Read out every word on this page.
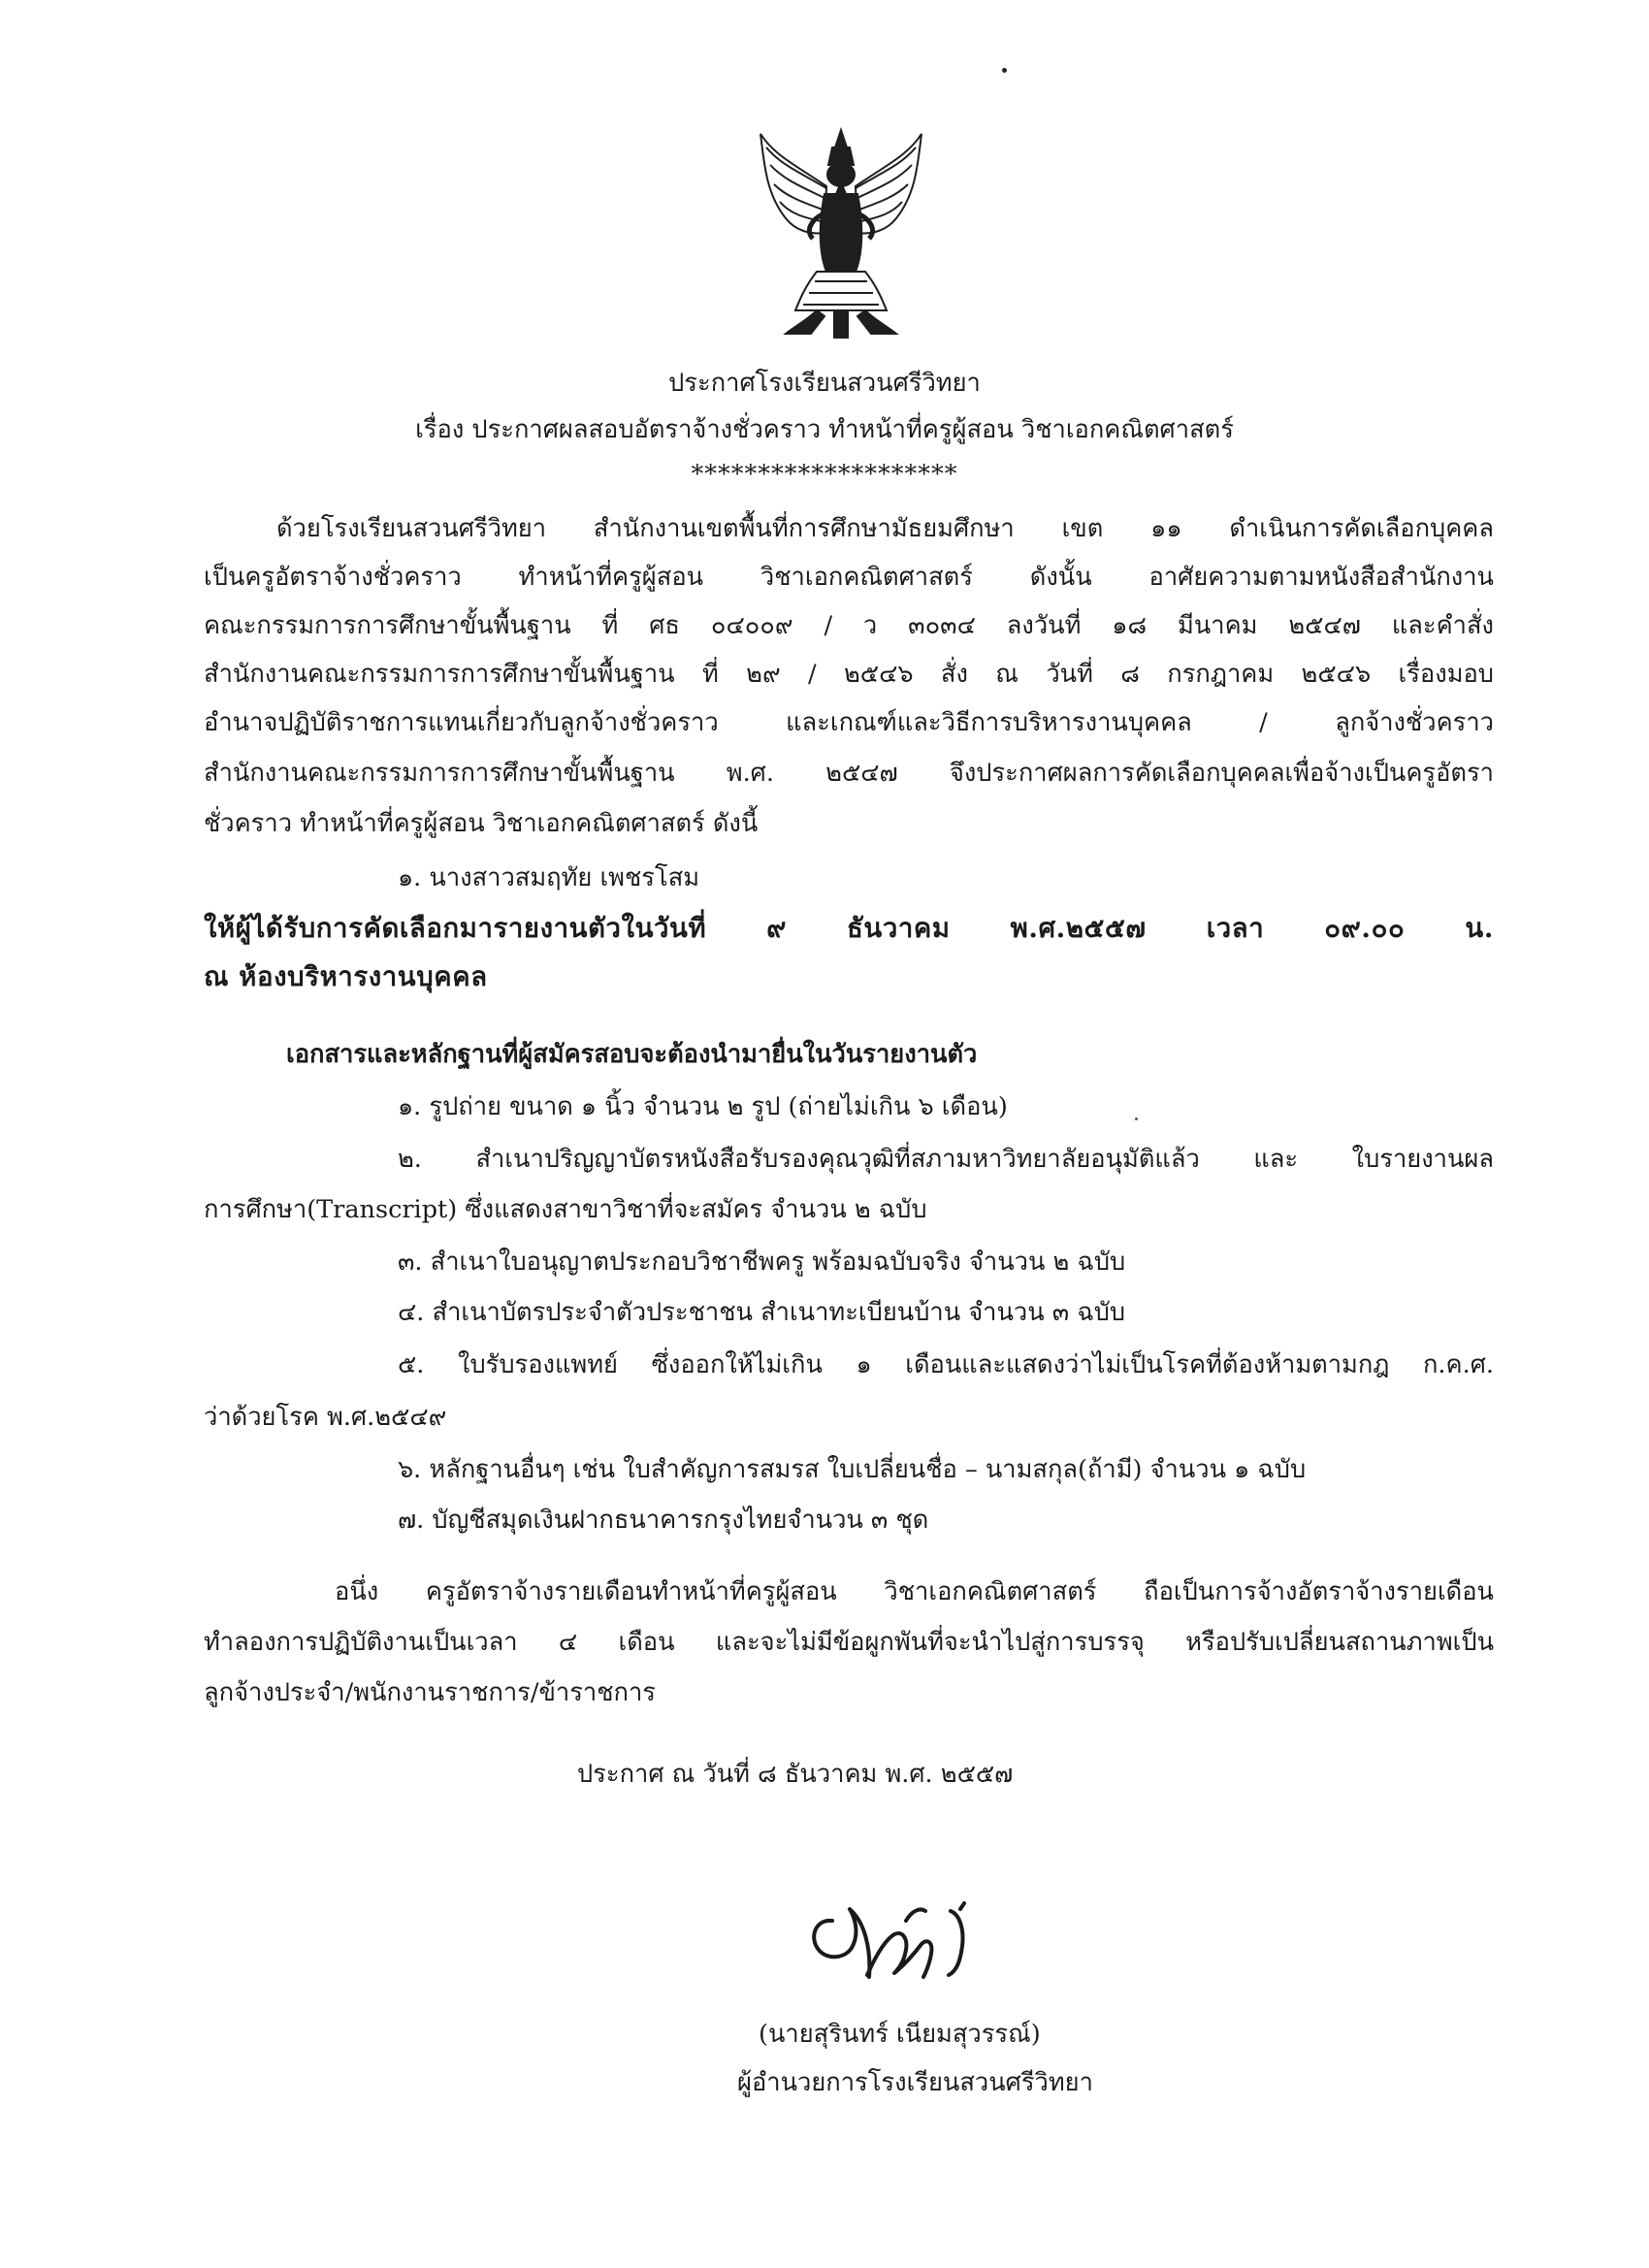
ประกาศโรงเรียนสวนศรีวิทยา
เรื่อง ประกาศผลสอบอัตราจ้างชั่วคราว ทำหน้าที่ครูผู้สอน วิชาเอกคณิตศาสตร์
********************
ด้วยโรงเรียนสวนศรีวิทยา สำนักงานเขตพื้นที่การศึกษามัธยมศึกษา เขต ๑๑ ดำเนินการคัดเลือกบุคคล
เป็นครูอัตราจ้างชั่วคราว ทำหน้าที่ครูผู้สอน วิชาเอกคณิตศาสตร์ ดังนั้น อาศัยความตามหนังสือสำนักงาน
คณะกรรมการการศึกษาขั้นพื้นฐาน ที่ ศธ ๐๔๐๐๙ / ว ๓๐๓๔ ลงวันที่ ๑๘ มีนาคม ๒๕๔๗ และคำสั่ง
สำนักงานคณะกรรมการการศึกษาขั้นพื้นฐาน ที่ ๒๙ / ๒๕๔๖ สั่ง ณ วันที่ ๘ กรกฎาคม ๒๕๔๖ เรื่องมอบ
อำนาจปฏิบัติราชการแทนเกี่ยวกับลูกจ้างชั่วคราว และเกณฑ์และวิธีการบริหารงานบุคคล / ลูกจ้างชั่วคราว
สำนักงานคณะกรรมการการศึกษาขั้นพื้นฐาน พ.ศ. ๒๕๔๗ จึงประกาศผลการคัดเลือกบุคคลเพื่อจ้างเป็นครูอัตรา
ชั่วคราว ทำหน้าที่ครูผู้สอน วิชาเอกคณิตศาสตร์ ดังนี้
๑. นางสาวสมฤทัย เพชรโสม
ให้ผู้ได้รับการคัดเลือกมารายงานตัวในวันที่ ๙ ธันวาคม พ.ศ.๒๕๕๗ เวลา ๐๙.๐๐ น.
ณ ห้องบริหารงานบุคคล
เอกสารและหลักฐานที่ผู้สมัครสอบจะต้องนำมายื่นในวันรายงานตัว
๑. รูปถ่าย ขนาด ๑ นิ้ว จำนวน ๒ รูป (ถ่ายไม่เกิน ๖ เดือน)
๒. สำเนาปริญญาบัตรหนังสือรับรองคุณวุฒิที่สภามหาวิทยาลัยอนุมัติแล้ว และ ใบรายงานผล
การศึกษา(Transcript) ซึ่งแสดงสาขาวิชาที่จะสมัคร จำนวน ๒ ฉบับ
๓. สำเนาใบอนุญาตประกอบวิชาชีพครู พร้อมฉบับจริง จำนวน ๒ ฉบับ
๔. สำเนาบัตรประจำตัวประชาชน สำเนาทะเบียนบ้าน จำนวน ๓ ฉบับ
๕. ใบรับรองแพทย์ ซึ่งออกให้ไม่เกิน ๑ เดือนและแสดงว่าไม่เป็นโรคที่ต้องห้ามตามกฎ ก.ค.ศ.
ว่าด้วยโรค พ.ศ.๒๕๔๙
๖. หลักฐานอื่นๆ เช่น ใบสำคัญการสมรส ใบเปลี่ยนชื่อ – นามสกุล(ถ้ามี) จำนวน ๑ ฉบับ
๗. บัญชีสมุดเงินฝากธนาคารกรุงไทยจำนวน ๓ ชุด
อนึ่ง ครูอัตราจ้างรายเดือนทำหน้าที่ครูผู้สอน วิชาเอกคณิตศาสตร์ ถือเป็นการจ้างอัตราจ้างรายเดือน
ทำลองการปฏิบัติงานเป็นเวลา ๔ เดือน และจะไม่มีข้อผูกพันที่จะนำไปสู่การบรรจุ หรือปรับเปลี่ยนสถานภาพเป็น
ลูกจ้างประจำ/พนักงานราชการ/ข้าราชการ
ประกาศ ณ วันที่ ๘ ธันวาคม พ.ศ. ๒๕๕๗
(นายสุรินทร์ เนียมสุวรรณ์)
ผู้อำนวยการโรงเรียนสวนศรีวิทยา
